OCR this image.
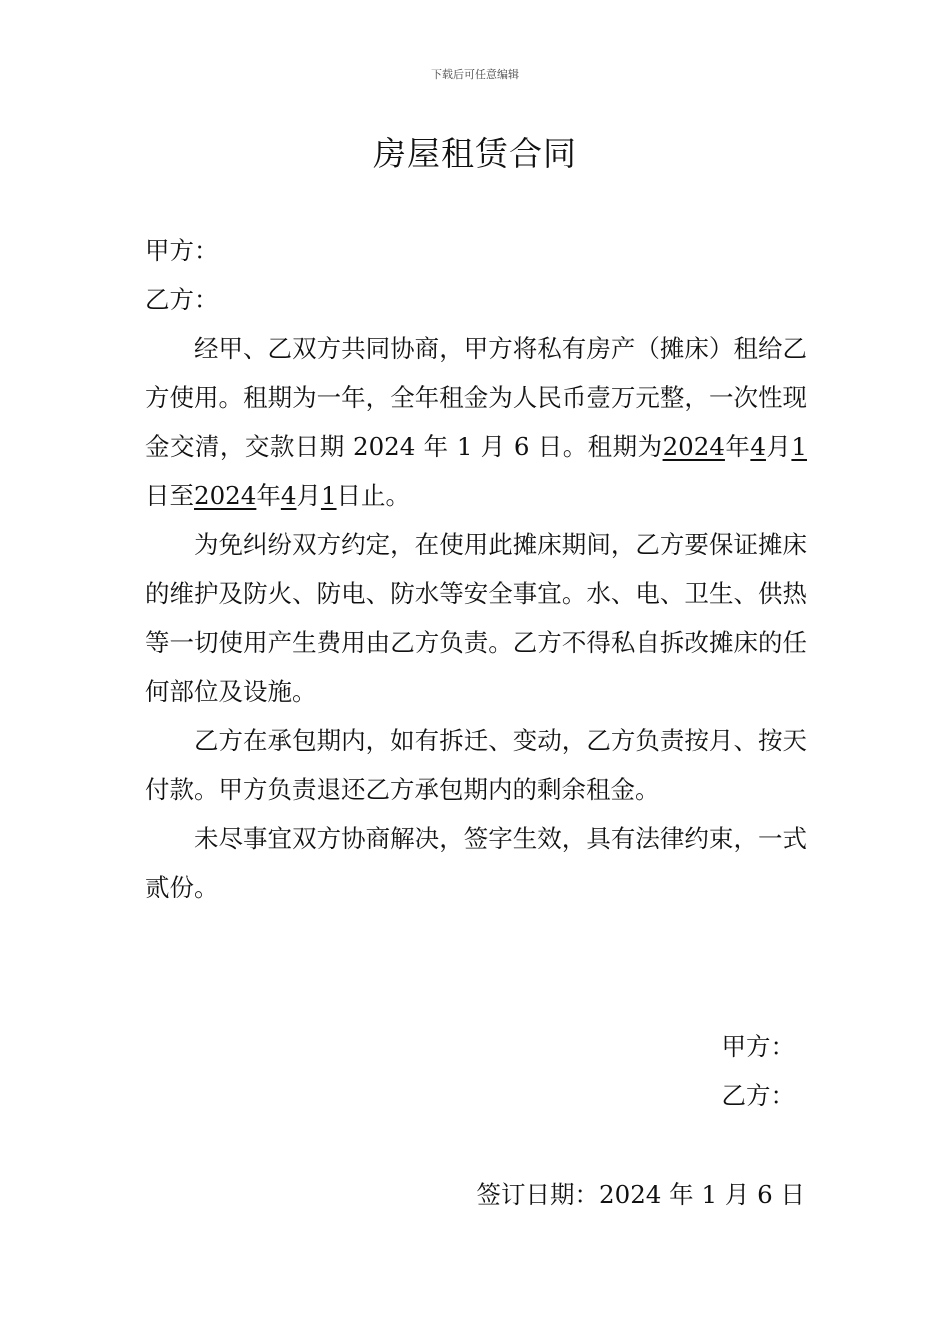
下载后可任意编辑
房屋租赁合同

甲方：

乙方：

经甲、乙双方共同协商，甲方将私有房产（摊床）租给乙方使用。租期为一年，全年租金为人民币壹万元整，一次性现金交清，交款日期 2024 年 1 月 6 日。租期为2024年4月1日至2024年4月1日止。

为免纠纷双方约定，在使用此摊床期间，乙方要保证摊床的维护及防火、防电、防水等安全事宜。水、电、卫生、供热等一切使用产生费用由乙方负责。乙方不得私自拆改摊床的任何部位及设施。

乙方在承包期内，如有拆迁、变动，乙方负责按月、按天付款。甲方负责退还乙方承包期内的剩余租金。

未尽事宜双方协商解决，签字生效，具有法律约束，一式贰份。

甲方：
乙方：
签订日期：2024 年 1 月 6 日
